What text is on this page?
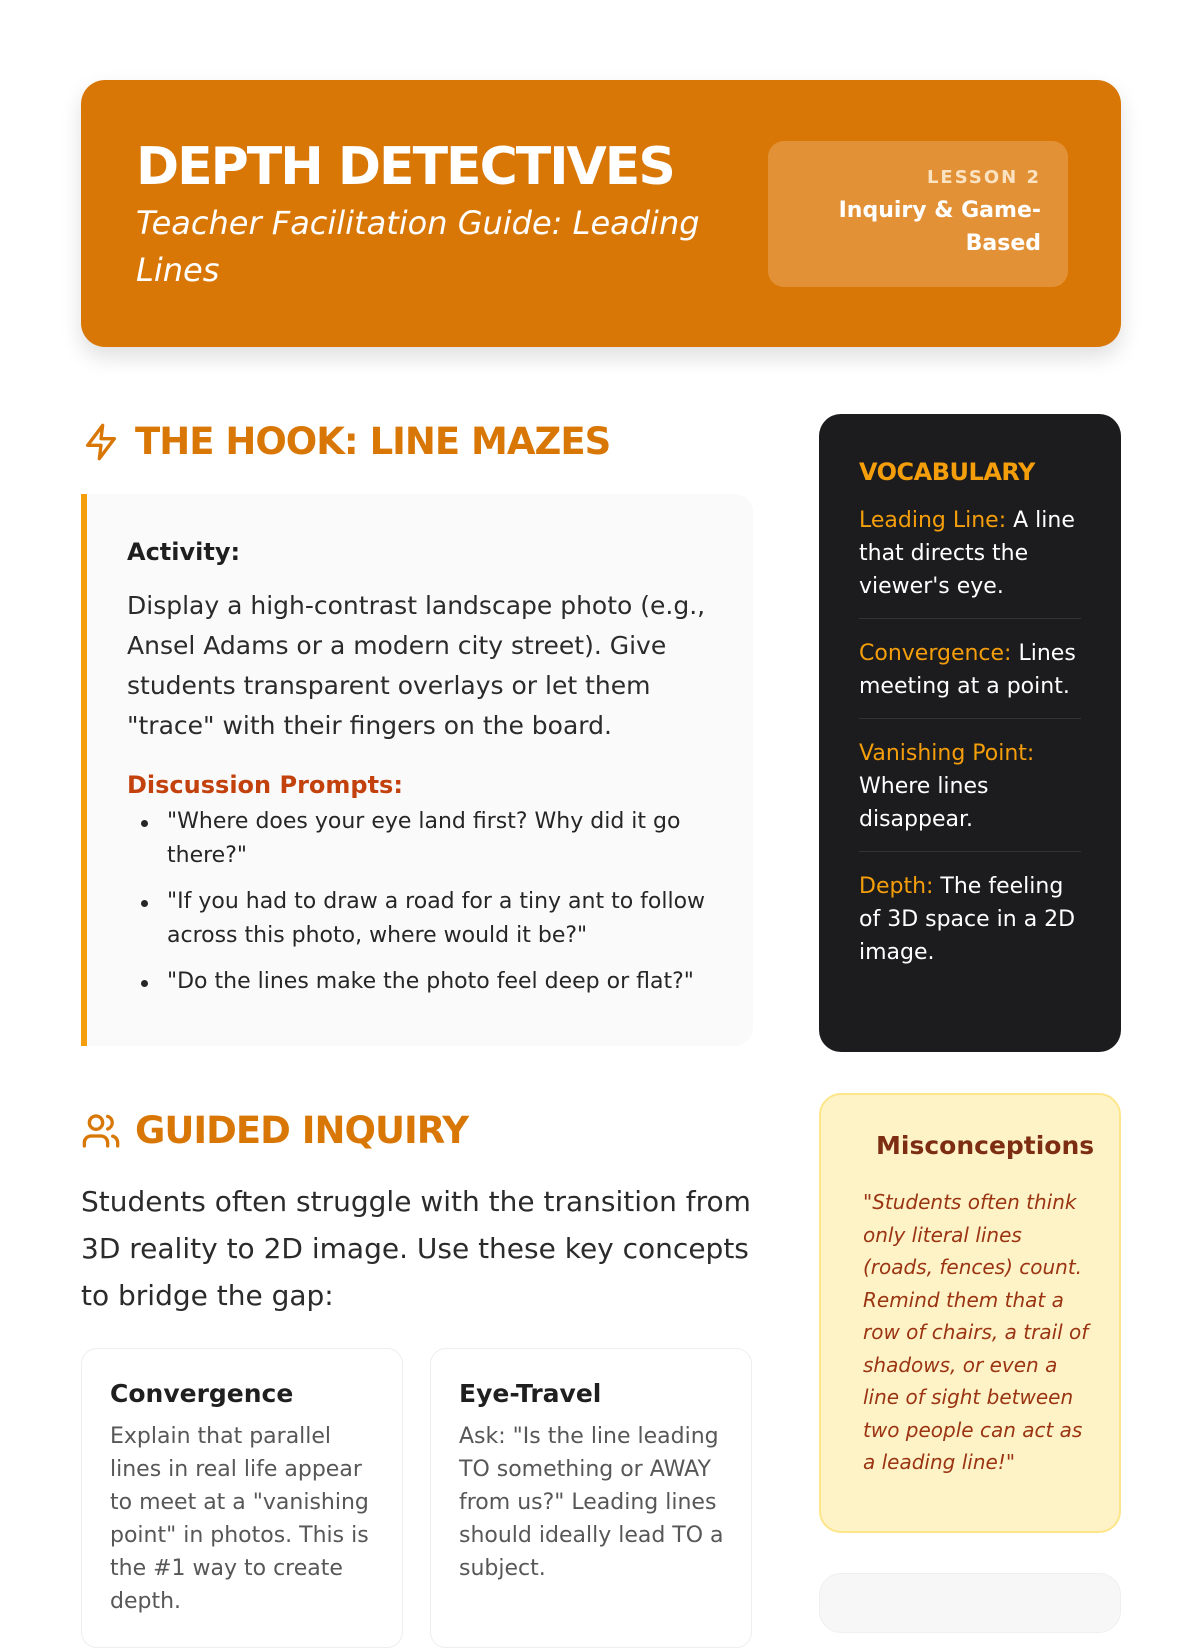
DEPTH DETECTIVES
Teacher Facilitation Guide: Leading Lines
LESSON 2
Inquiry & Game-Based
THE HOOK: LINE MAZES
Activity:
Display a high-contrast landscape photo (e.g., Ansel Adams or a modern city street). Give students transparent overlays or let them "trace" with their fingers on the board.
Discussion Prompts:
"Where does your eye land first? Why did it go there?"
"If you had to draw a road for a tiny ant to follow across this photo, where would it be?"
"Do the lines make the photo feel deep or flat?"
GUIDED INQUIRY
Students often struggle with the transition from 3D reality to 2D image. Use these key concepts to bridge the gap:
Convergence
Explain that parallel lines in real life appear to meet at a "vanishing point" in photos. This is the #1 way to create depth.
Eye-Travel
Ask: "Is the line leading TO something or AWAY from us?" Leading lines should ideally lead TO a subject.
VOCABULARY
Leading Line: A line that directs the viewer's eye.
Convergence: Lines meeting at a point.
Vanishing Point: Where lines disappear.
Depth: The feeling of 3D space in a 2D image.
Misconceptions
"Students often think only literal lines (roads, fences) count. Remind them that a row of chairs, a trail of shadows, or even a line of sight between two people can act as a leading line!"
